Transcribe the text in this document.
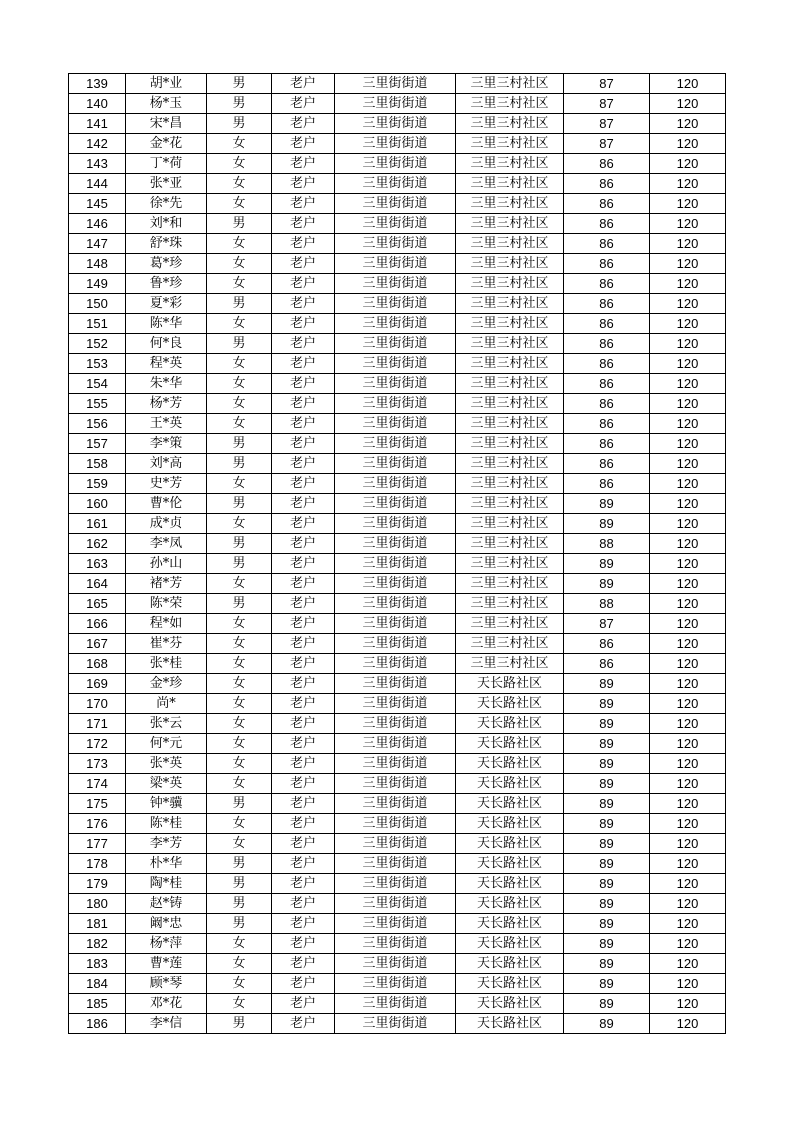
139	胡*业	男	老户	三里街街道	三里三村社区	87	120
140	杨*玉	男	老户	三里街街道	三里三村社区	87	120
141	宋*昌	男	老户	三里街街道	三里三村社区	87	120
142	金*花	女	老户	三里街街道	三里三村社区	87	120
143	丁*荷	女	老户	三里街街道	三里三村社区	86	120
144	张*亚	女	老户	三里街街道	三里三村社区	86	120
145	徐*先	女	老户	三里街街道	三里三村社区	86	120
146	刘*和	男	老户	三里街街道	三里三村社区	86	120
147	舒*珠	女	老户	三里街街道	三里三村社区	86	120
148	葛*珍	女	老户	三里街街道	三里三村社区	86	120
149	鲁*珍	女	老户	三里街街道	三里三村社区	86	120
150	夏*彩	男	老户	三里街街道	三里三村社区	86	120
151	陈*华	女	老户	三里街街道	三里三村社区	86	120
152	何*良	男	老户	三里街街道	三里三村社区	86	120
153	程*英	女	老户	三里街街道	三里三村社区	86	120
154	朱*华	女	老户	三里街街道	三里三村社区	86	120
155	杨*芳	女	老户	三里街街道	三里三村社区	86	120
156	王*英	女	老户	三里街街道	三里三村社区	86	120
157	李*策	男	老户	三里街街道	三里三村社区	86	120
158	刘*高	男	老户	三里街街道	三里三村社区	86	120
159	史*芳	女	老户	三里街街道	三里三村社区	86	120
160	曹*伦	男	老户	三里街街道	三里三村社区	89	120
161	成*贞	女	老户	三里街街道	三里三村社区	89	120
162	李*凤	男	老户	三里街街道	三里三村社区	88	120
163	孙*山	男	老户	三里街街道	三里三村社区	89	120
164	褚*芳	女	老户	三里街街道	三里三村社区	89	120
165	陈*荣	男	老户	三里街街道	三里三村社区	88	120
166	程*如	女	老户	三里街街道	三里三村社区	87	120
167	崔*芬	女	老户	三里街街道	三里三村社区	86	120
168	张*桂	女	老户	三里街街道	三里三村社区	86	120
169	金*珍	女	老户	三里街街道	天长路社区	89	120
170	尚*	女	老户	三里街街道	天长路社区	89	120
171	张*云	女	老户	三里街街道	天长路社区	89	120
172	何*元	女	老户	三里街街道	天长路社区	89	120
173	张*英	女	老户	三里街街道	天长路社区	89	120
174	梁*英	女	老户	三里街街道	天长路社区	89	120
175	钟*骥	男	老户	三里街街道	天长路社区	89	120
176	陈*桂	女	老户	三里街街道	天长路社区	89	120
177	李*芳	女	老户	三里街街道	天长路社区	89	120
178	朴*华	男	老户	三里街街道	天长路社区	89	120
179	陶*桂	男	老户	三里街街道	天长路社区	89	120
180	赵*铸	男	老户	三里街街道	天长路社区	89	120
181	阚*忠	男	老户	三里街街道	天长路社区	89	120
182	杨*萍	女	老户	三里街街道	天长路社区	89	120
183	曹*莲	女	老户	三里街街道	天长路社区	89	120
184	顾*琴	女	老户	三里街街道	天长路社区	89	120
185	邓*花	女	老户	三里街街道	天长路社区	89	120
186	李*信	男	老户	三里街街道	天长路社区	89	120
